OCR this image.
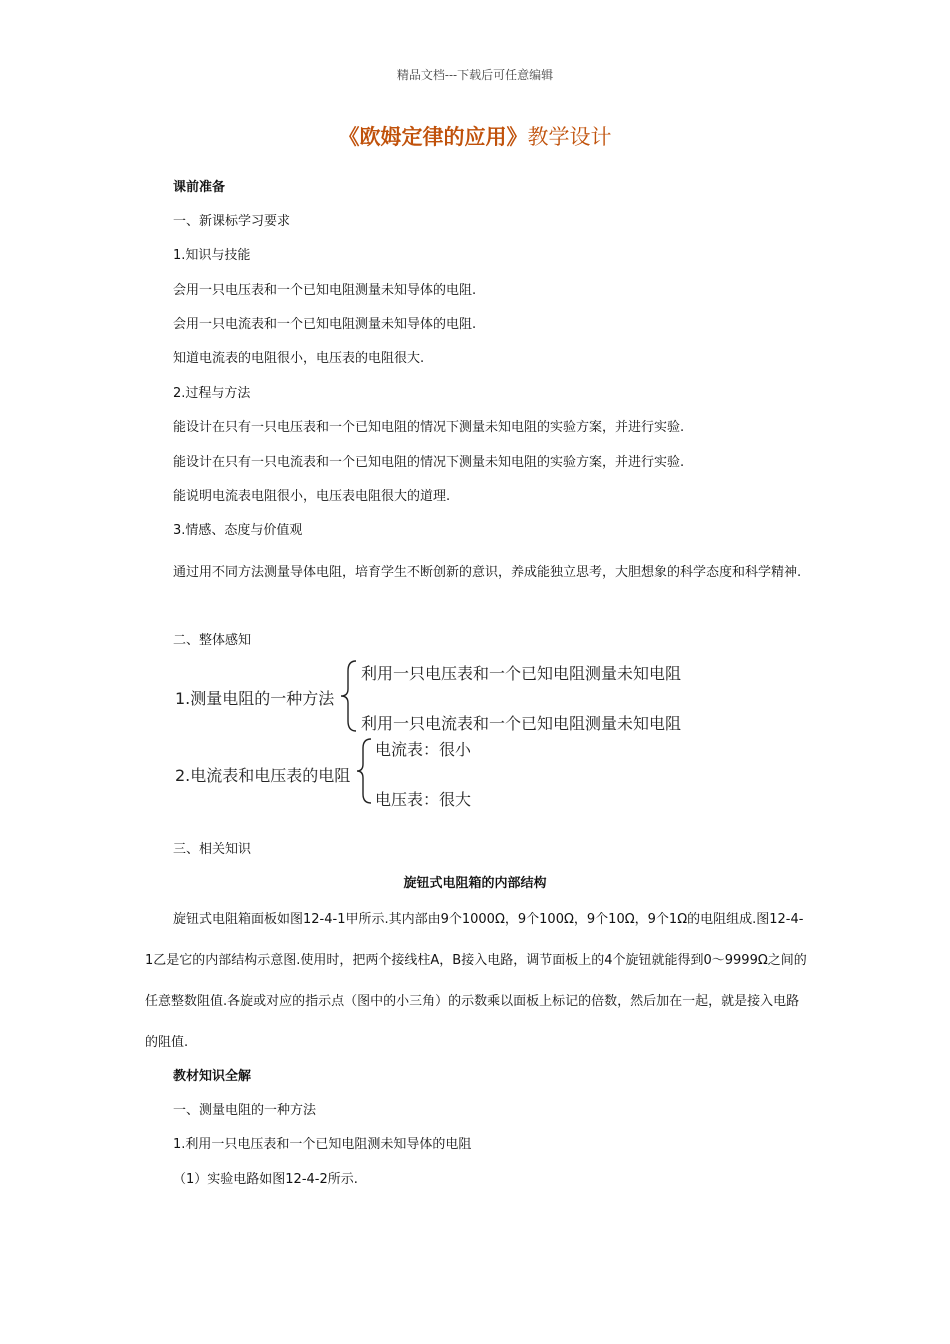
精品文档---下载后可任意编辑
《欧姆定律的应用》教学设计
课前准备
一、新课标学习要求
1.知识与技能
会用一只电压表和一个已知电阻测量未知导体的电阻.
会用一只电流表和一个已知电阻测量未知导体的电阻.
知道电流表的电阻很小，电压表的电阻很大.
2.过程与方法
能设计在只有一只电压表和一个已知电阻的情况下测量未知电阻的实验方案，并进行实验.
能设计在只有一只电流表和一个已知电阻的情况下测量未知电阻的实验方案，并进行实验.
能说明电流表电阻很小，电压表电阻很大的道理.
3.情感、态度与价值观
通过用不同方法测量导体电阻，培育学生不断创新的意识，养成能独立思考，大胆想象的科学态度和科学精神.
二、整体感知
1.测量电阻的一种方法
利用一只电压表和一个已知电阻测量未知电阻
利用一只电流表和一个已知电阻测量未知电阻
2.电流表和电压表的电阻
电流表：很小
电压表：很大
三、相关知识
旋钮式电阻箱的内部结构
旋钮式电阻箱面板如图12-4-1甲所示.其内部由9个1000Ω，9个100Ω，9个10Ω，9个1Ω的电阻组成.图12-4-1乙是它的内部结构示意图.使用时，把两个接线柱A，B接入电路，调节面板上的4个旋钮就能得到0～9999Ω之间的任意整数阻值.各旋或对应的指示点（图中的小三角）的示数乘以面板上标记的倍数，然后加在一起，就是接入电路的阻值.
教材知识全解
一、测量电阻的一种方法
1.利用一只电压表和一个已知电阻测未知导体的电阻
（1）实验电路如图12-4-2所示.
